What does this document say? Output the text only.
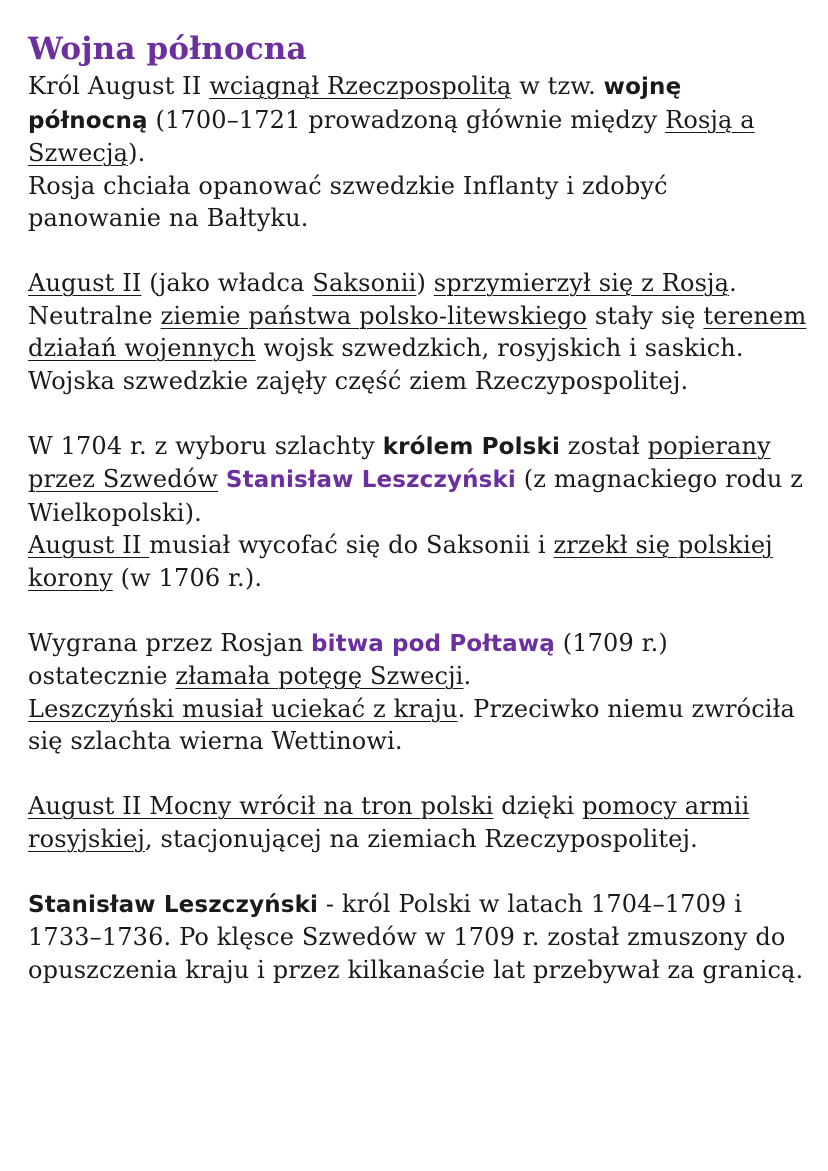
Wojna północna

Król August II wciągnął Rzeczpospolitą w tzw. wojnę północną (1700–1721 prowadzoną głównie między Rosją a Szwecją).

Rosja chciała opanować szwedzkie Inflanty i zdobyć panowanie na Bałtyku.

August II (jako władca Saksonii) sprzymierzył się z Rosją.

Neutralne ziemie państwa polsko-litewskiego stały się terenem działań wojennych wojsk szwedzkich, rosyjskich i saskich. Wojska szwedzkie zajęły część ziem Rzeczypospolitej.

W 1704 r. z wyboru szlachty królem Polski został popierany przez Szwedów Stanisław Leszczyński (z magnackiego rodu z Wielkopolski).

August II musiał wycofać się do Saksonii i zrzekł się polskiej korony (w 1706 r.).

Wygrana przez Rosjan bitwa pod Połtawą (1709 r.) ostatecznie złamała potęgę Szwecji.

Leszczyński musiał uciekać z kraju. Przeciwko niemu zwróciła się szlachta wierna Wettinowi.

August II Mocny wrócił na tron polski dzięki pomocy armii rosyjskiej, stacjonującej na ziemiach Rzeczypospolitej.

Stanisław Leszczyński - król Polski w latach 1704–1709 i 1733–1736. Po klęsce Szwedów w 1709 r. został zmuszony do opuszczenia kraju i przez kilkanaście lat przebywał za granicą.
